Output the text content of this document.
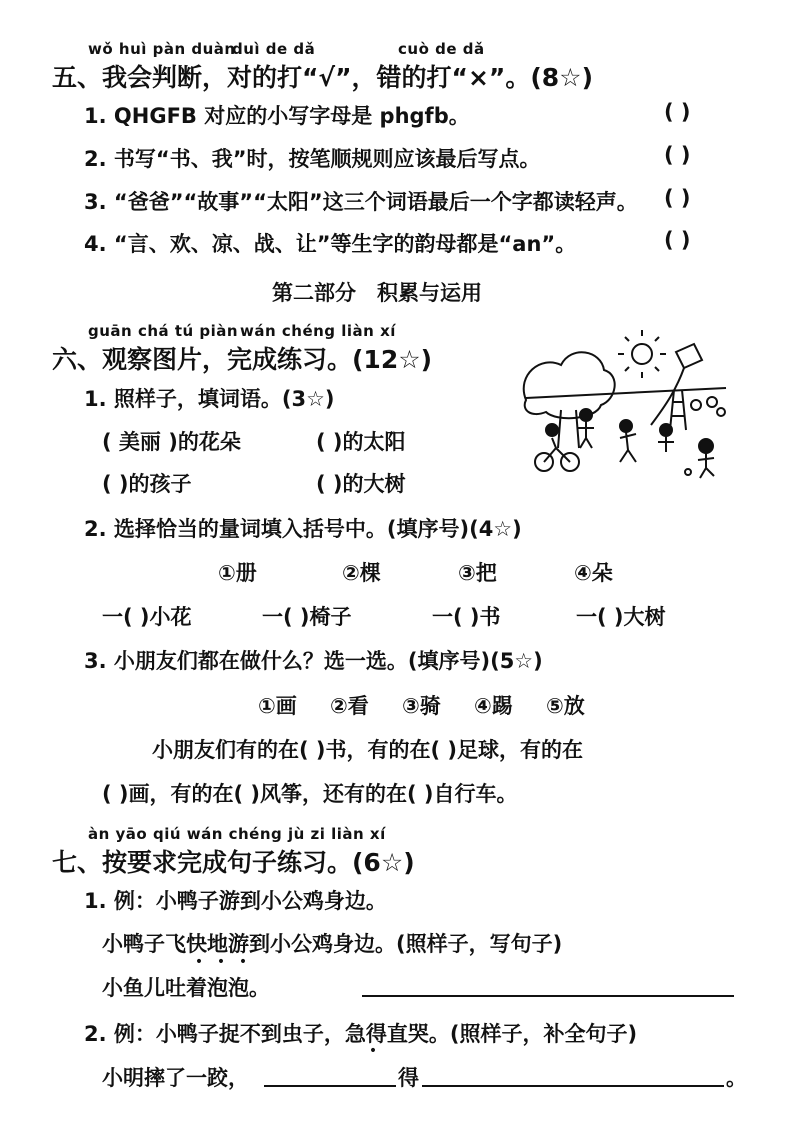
wǒ huì pàn duàn
duì de dǎ	cuò de dǎ
五、我会判断，对的打“√”，错的打“×”。(8☆)
1. QHGFB 对应的小写字母是 phgfb。	( )
2. 书写“书、我”时，按笔顺规则应该最后写点。	( )
3. “爸爸”“故事”“太阳”这三个词语最后一个字都读轻声。 ( )
4. “言、欢、凉、战、让”等生字的韵母都是“an”。	( )
第二部分　积累与运用
guān chá tú piàn wán chéng liàn xí
六、观察图片，完成练习。(12☆)
1. 照样子，填词语。(3☆)
( 美丽 )的花朵	( )的太阳
( )的孩子	( )的大树
2. 选择恰当的量词填入括号中。(填序号)(4☆)
①册	②棵	③把	④朵
一( )小花	一( )椅子	一( )书	一( )大树
3. 小朋友们都在做什么？选一选。(填序号)(5☆)
①画 ②看 ③骑 ④踢 ⑤放
小朋友们有的在( )书，有的在( )足球，有的在
( )画，有的在( )风筝，还有的在( )自行车。
àn yāo qiú wán chéng jù zi liàn xí
七、按要求完成句子练习。(6☆)
1. 例：小鸭子游到小公鸡身边。
小鸭子飞快地游到小公鸡身边。(照样子，写句子)
• • •
小鱼儿吐着泡泡。
2. 例：小鸭子捉不到虫子，急得直哭。(照样子，补全句子)
•
小明摔了一跤，	得	。
